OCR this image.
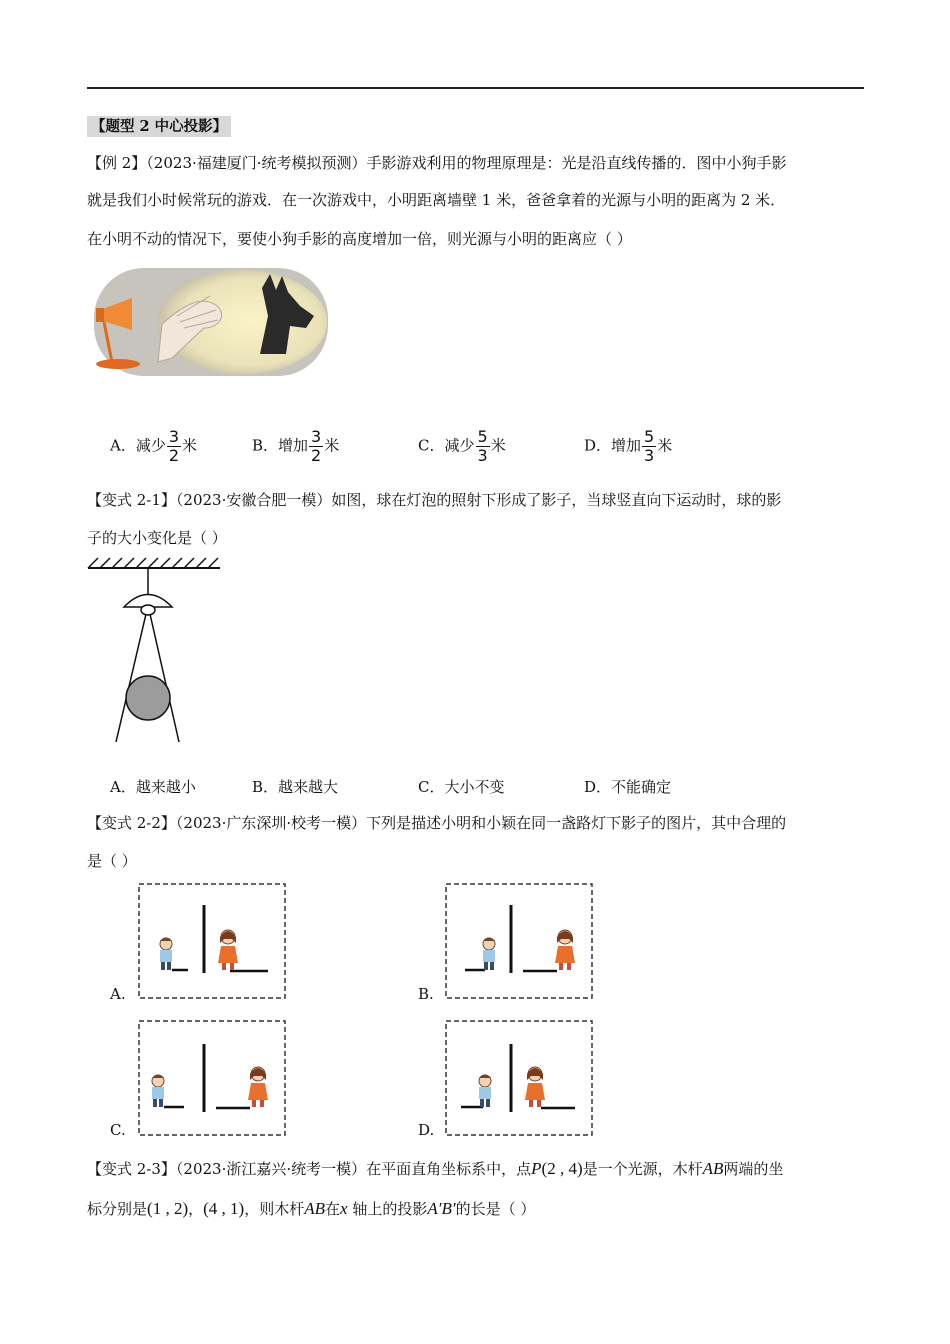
【题型 2 中心投影】
【例 2】（2023·福建厦门·统考模拟预测）手影游戏利用的物理原理是：光是沿直线传播的．图中小狗手影
就是我们小时候常玩的游戏．在一次游戏中，小明距离墙壁 1 米，爸爸拿着的光源与小明的距离为 2 米．
在小明不动的情况下，要使小狗手影的高度增加一倍，则光源与小明的距离应（ ）
A．减少 $\frac{3}{2}$ 米	B．增加 $\frac{3}{2}$ 米	C．减少 $\frac{5}{3}$ 米	D．增加 $\frac{5}{3}$ 米
【变式 2-1】（2023·安徽合肥一模）如图，球在灯泡的照射下形成了影子，当球竖直向下运动时，球的影
子的大小变化是（ ）
A．越来越小	B．越来越大	C．大小不变	D．不能确定
【变式 2-2】（2023·广东深圳·校考一模）下列是描述小明和小颖在同一盏路灯下影子的图片，其中合理的
是（ ）
A.	B.
C.	D.
【变式 2-3】（2023·浙江嘉兴·统考一模）在平面直角坐标系中，点P(2 , 4)是一个光源，木杆AB两端的坐
标分别是(1 , 2)，(4 , 1)，则木杆AB在x 轴上的投影A′B′的长是（ ）
